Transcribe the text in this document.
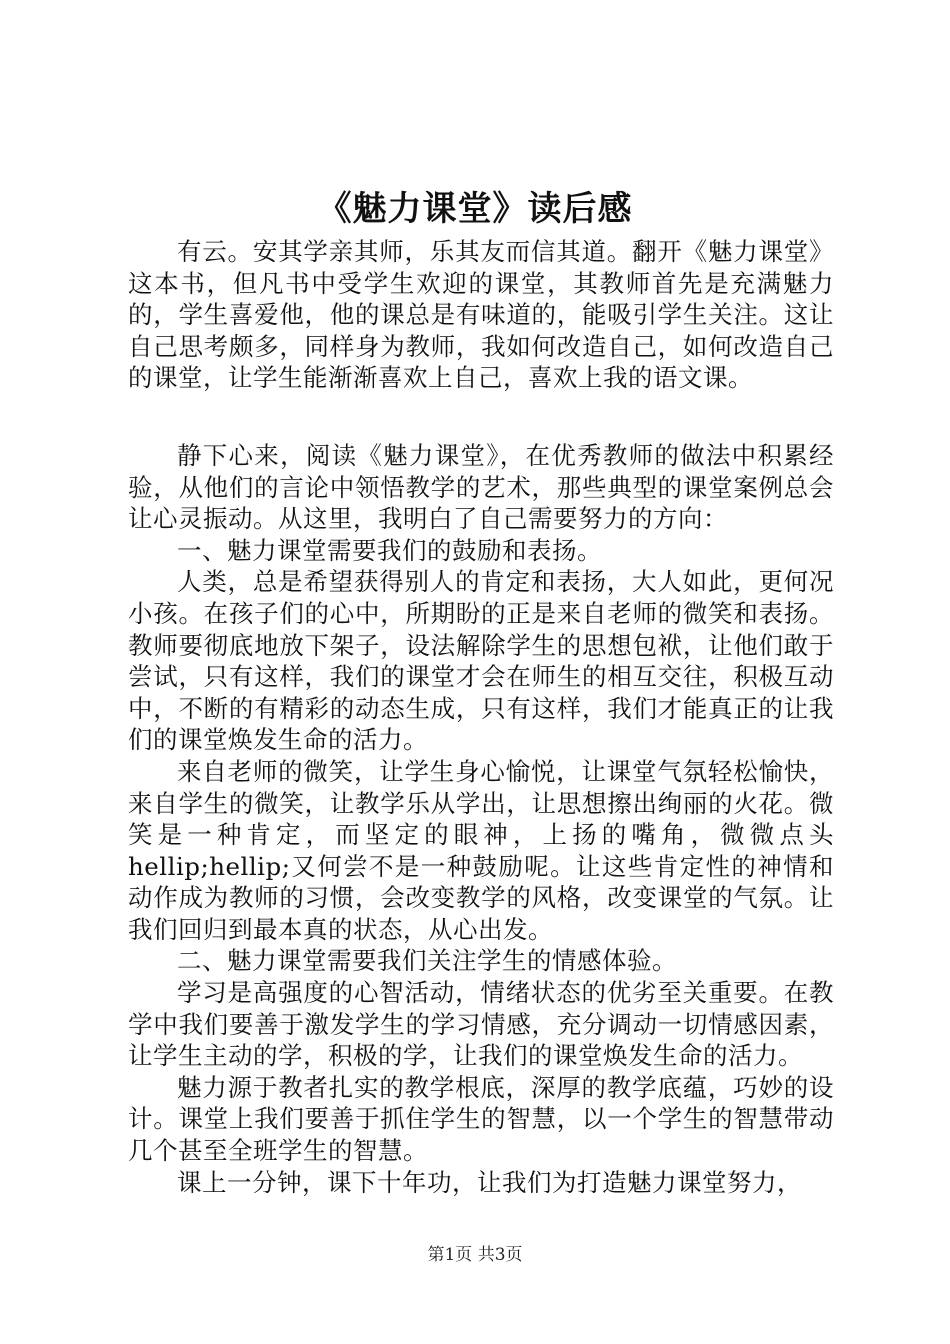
《魅力课堂》读后感

有云。安其学亲其师，乐其友而信其道。翻开《魅力课堂》这本书，但凡书中受学生欢迎的课堂，其教师首先是充满魅力的，学生喜爱他，他的课总是有味道的，能吸引学生关注。这让自己思考颇多，同样身为教师，我如何改造自己，如何改造自己的课堂，让学生能渐渐喜欢上自己，喜欢上我的语文课。

静下心来，阅读《魅力课堂》，在优秀教师的做法中积累经验，从他们的言论中领悟教学的艺术，那些典型的课堂案例总会让心灵振动。从这里，我明白了自己需要努力的方向：

一、魅力课堂需要我们的鼓励和表扬。

人类，总是希望获得别人的肯定和表扬，大人如此，更何况小孩。在孩子们的心中，所期盼的正是来自老师的微笑和表扬。教师要彻底地放下架子，设法解除学生的思想包袱，让他们敢于尝试，只有这样，我们的课堂才会在师生的相互交往，积极互动中，不断的有精彩的动态生成，只有这样，我们才能真正的让我们的课堂焕发生命的活力。

来自老师的微笑，让学生身心愉悦，让课堂气氛轻松愉快，来自学生的微笑，让教学乐从学出，让思想擦出绚丽的火花。微笑是一种肯定，而坚定的眼神，上扬的嘴角，微微点头hellip;hellip;又何尝不是一种鼓励呢。让这些肯定性的神情和动作成为教师的习惯，会改变教学的风格，改变课堂的气氛。让我们回归到最本真的状态，从心出发。

二、魅力课堂需要我们关注学生的情感体验。

学习是高强度的心智活动，情绪状态的优劣至关重要。在教学中我们要善于激发学生的学习情感，充分调动一切情感因素，让学生主动的学，积极的学，让我们的课堂焕发生命的活力。

魅力源于教者扎实的教学根底，深厚的教学底蕴，巧妙的设计。课堂上我们要善于抓住学生的智慧，以一个学生的智慧带动几个甚至全班学生的智慧。

课上一分钟，课下十年功，让我们为打造魅力课堂努力，

第1页 共3页
